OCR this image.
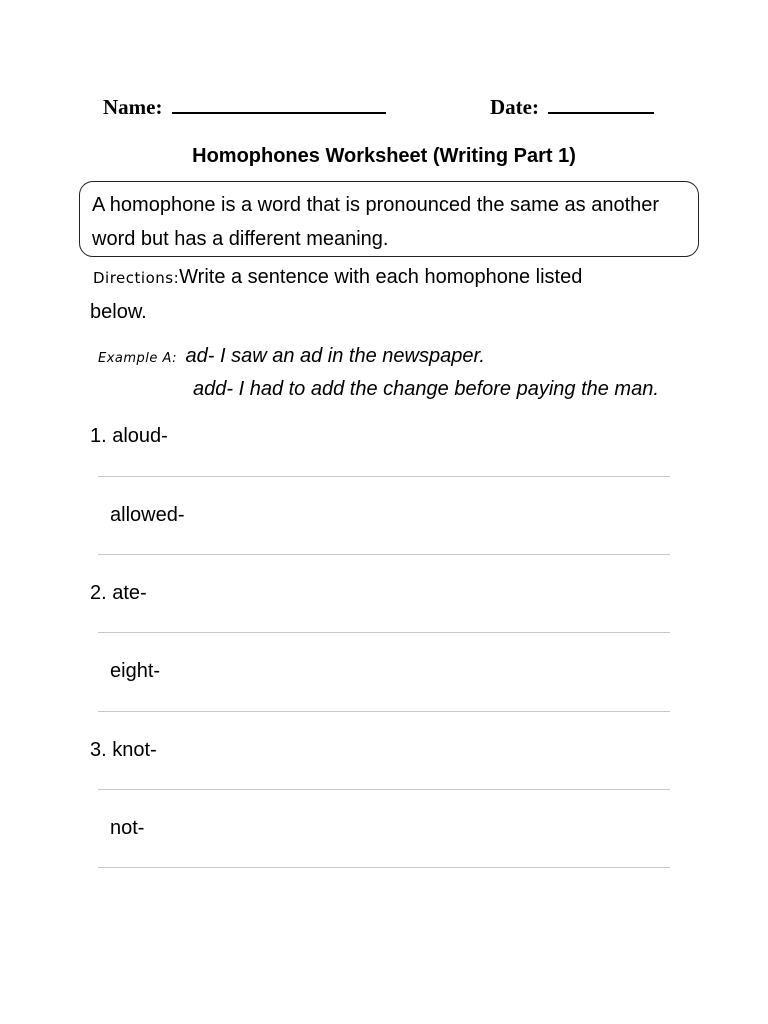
Name:	Date:
Homophones Worksheet (Writing Part 1)

A homophone is a word that is pronounced the same as another
word but has a different meaning.

Directions:Write a sentence with each homophone listed
below.
Example A: ad- I saw an ad in the newspaper.
add- I had to add the change before paying the man.
1. aloud-
allowed-
2. ate-
eight-
3. knot-
not-
